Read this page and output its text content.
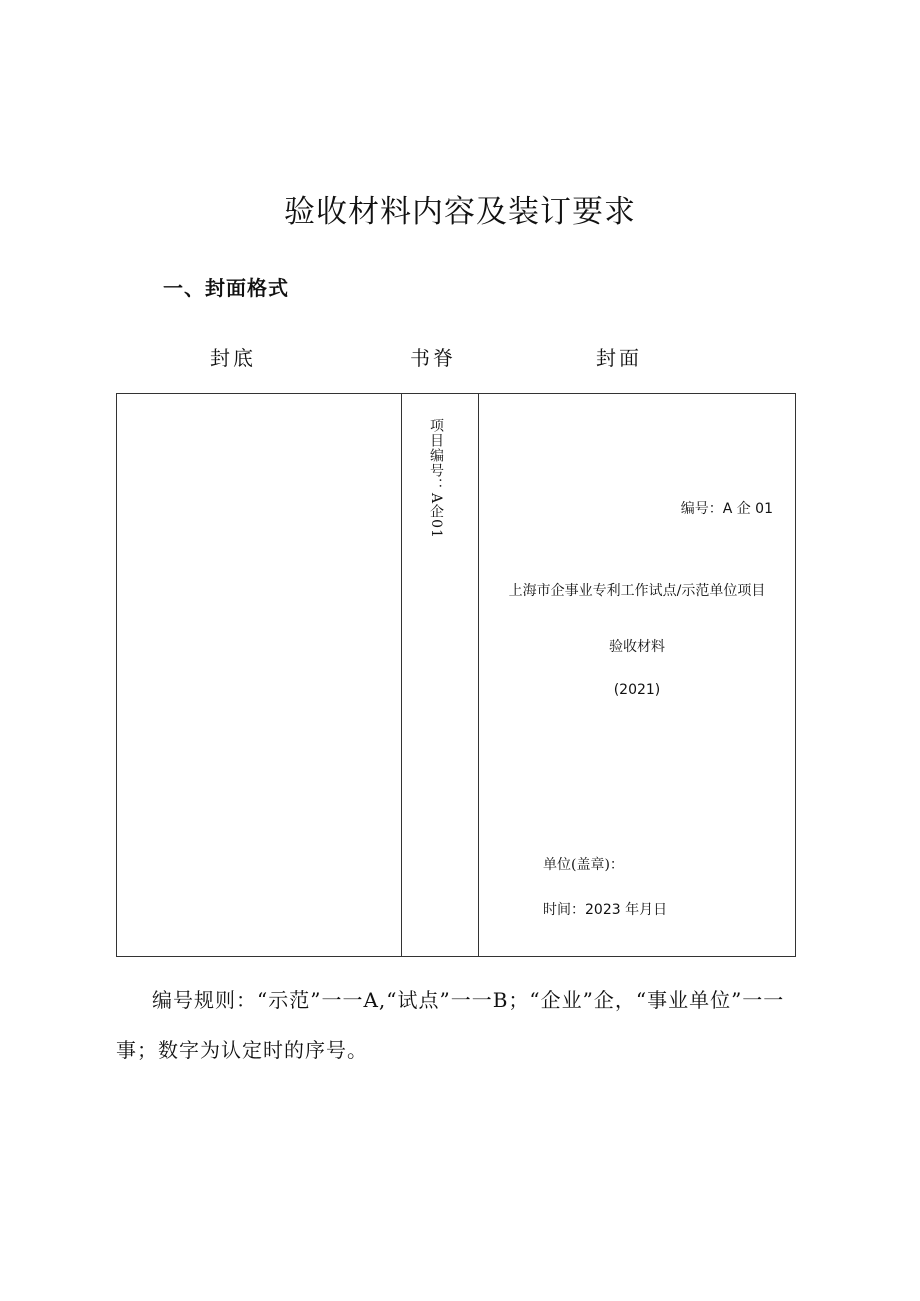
验收材料内容及装订要求
一、封面格式
封底	书脊	封面
项目编号：A企01	编号：A 企 01
上海市企事业专利工作试点/示范单位项目
验收材料
(2021)
单位(盖章)：
时间：2023 年月日

编号规则：“示范”一一A,“试点”一一B；“企业”企，“事业单位”一一事；数字为认定时的序号。
